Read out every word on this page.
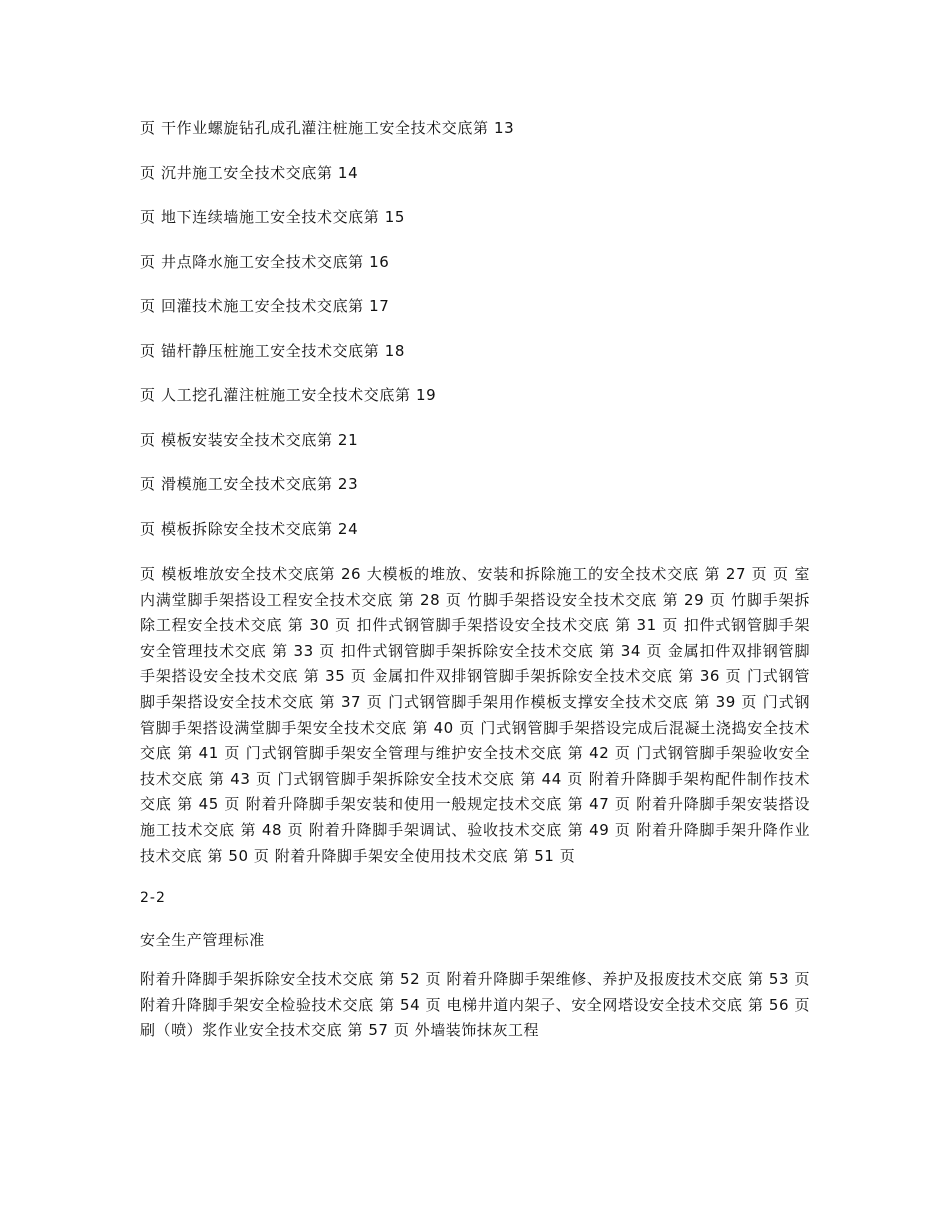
页 干作业螺旋钻孔成孔灌注桩施工安全技术交底第 13
页 沉井施工安全技术交底第 14
页 地下连续墙施工安全技术交底第 15
页 井点降水施工安全技术交底第 16
页 回灌技术施工安全技术交底第 17
页 锚杆静压桩施工安全技术交底第 18
页 人工挖孔灌注桩施工安全技术交底第 19
页 模板安装安全技术交底第 21
页 滑模施工安全技术交底第 23
页 模板拆除安全技术交底第 24

页 模板堆放安全技术交底第 26 大模板的堆放、安装和拆除施工的安全技术交底 第 27 页 页 室内满堂脚手架搭设工程安全技术交底 第 28 页 竹脚手架搭设安全技术交底 第 29 页 竹脚手架拆除工程安全技术交底 第 30 页 扣件式钢管脚手架搭设安全技术交底 第 31 页 扣件式钢管脚手架安全管理技术交底 第 33 页 扣件式钢管脚手架拆除安全技术交底 第 34 页 金属扣件双排钢管脚手架搭设安全技术交底 第 35 页 金属扣件双排钢管脚手架拆除安全技术交底 第 36 页 门式钢管脚手架搭设安全技术交底 第 37 页 门式钢管脚手架用作模板支撑安全技术交底 第 39 页 门式钢管脚手架搭设满堂脚手架安全技术交底 第 40 页 门式钢管脚手架搭设完成后混凝土浇捣安全技术交底 第 41 页 门式钢管脚手架安全管理与维护安全技术交底 第 42 页 门式钢管脚手架验收安全技术交底 第 43 页 门式钢管脚手架拆除安全技术交底 第 44 页 附着升降脚手架构配件制作技术交底 第 45 页 附着升降脚手架安装和使用一般规定技术交底 第 47 页 附着升降脚手架安装搭设施工技术交底 第 48 页 附着升降脚手架调试、验收技术交底 第 49 页 附着升降脚手架升降作业技术交底 第 50 页 附着升降脚手架安全使用技术交底 第 51 页

2-2
安全生产管理标准

附着升降脚手架拆除安全技术交底 第 52 页 附着升降脚手架维修、养护及报废技术交底 第 53 页 附着升降脚手架安全检验技术交底 第 54 页 电梯井道内架子、安全网塔设安全技术交底 第 56 页 刷（喷）浆作业安全技术交底 第 57 页 外墙装饰抹灰工程
